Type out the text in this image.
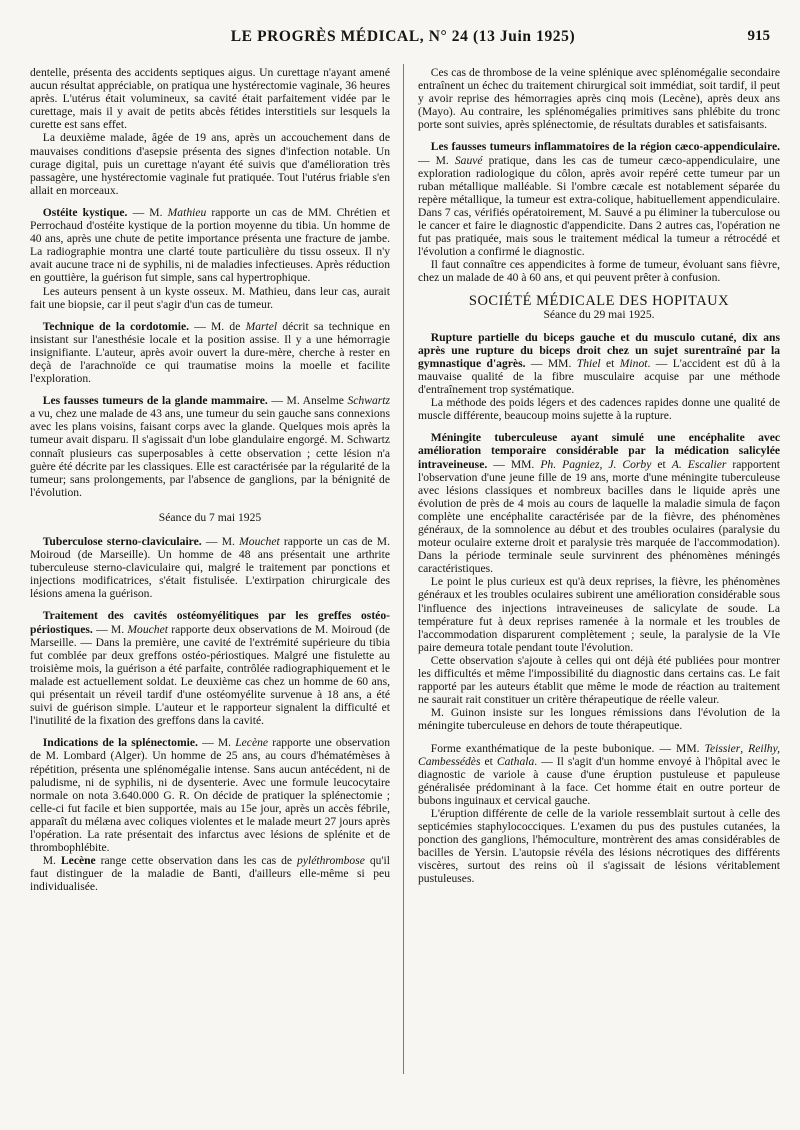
LE PROGRÈS MÉDICAL, N° 24 (13 Juin 1925)	915

dentelle, présenta des accidents septiques aigus. Un curettage n'ayant amené aucun résultat appréciable, on pratiqua une hystérectomie vaginale, 36 heures après. L'utérus était volumineux, sa cavité était parfaitement vidée par le curettage, mais il y avait de petits abcès fétides interstitiels sur lesquels la curette est sans effet.

La deuxième malade, âgée de 19 ans, après un accouchement dans de mauvaises conditions d'asepsie présenta des signes d'infection notable. Un curage digital, puis un curettage n'ayant été suivis que d'amélioration très passagère, une hystérectomie vaginale fut pratiquée. Tout l'utérus friable s'en allait en morceaux.

Ostéite kystique. — M. Mathieu rapporte un cas de MM. Chrétien et Perrochaud d'ostéite kystique de la portion moyenne du tibia. Un homme de 40 ans, après une chute de petite importance présenta une fracture de jambe. La radiographie montra une clarté toute particulière du tissu osseux. Il n'y avait aucune trace ni de syphilis, ni de maladies infectieuses. Après réduction en gouttière, la guérison fut simple, sans cal hypertrophique.

Les auteurs pensent à un kyste osseux. M. Mathieu, dans leur cas, aurait fait une biopsie, car il peut s'agir d'un cas de tumeur.

Technique de la cordotomie. — M. de Martel décrit sa technique en insistant sur l'anesthésie locale et la position assise. Il y a une hémorragie insignifiante. L'auteur, après avoir ouvert la dure-mère, cherche à rester en deçà de l'arachnoïde ce qui traumatise moins la moelle et facilite l'exploration.

Les fausses tumeurs de la glande mammaire. — M. Anselme Schwartz a vu, chez une malade de 43 ans, une tumeur du sein gauche sans connexions avec les plans voisins, faisant corps avec la glande. Quelques mois après la tumeur avait disparu. Il s'agissait d'un lobe glandulaire engorgé. M. Schwartz connaît plusieurs cas superposables à cette observation ; cette lésion n'a guère été décrite par les classiques. Elle est caractérisée par la régularité de la tumeur; sans prolongements, par l'absence de ganglions, par la bénignité de l'évolution.

Séance du 7 mai 1925

Tuberculose sterno-claviculaire. — M. Mouchet rapporte un cas de M. Moiroud (de Marseille). Un homme de 48 ans présentait une arthrite tuberculeuse sterno-claviculaire qui, malgré le traitement par ponctions et injections modificatrices, s'était fistulisée. L'extirpation chirurgicale des lésions amena la guérison.

Traitement des cavités ostéomyélitiques par les greffes ostéo-périostiques. — M. Mouchet rapporte deux observations de M. Moiroud (de Marseille. — Dans la première, une cavité de l'extrémité supérieure du tibia fut comblée par deux greffons ostéo-périostiques. Malgré une fistulette au troisième mois, la guérison a été parfaite, contrôlée radiographiquement et le malade est actuellement soldat. Le deuxième cas chez un homme de 60 ans, qui présentait un réveil tardif d'une ostéomyélite survenue à 18 ans, a été suivi de guérison simple. L'auteur et le rapporteur signalent la difficulté et l'inutilité de la fixation des greffons dans la cavité.

Indications de la splénectomie. — M. Lecène rapporte une observation de M. Lombard (Alger). Un homme de 25 ans, au cours d'hématémèses à répétition, présenta une splénomégalie intense. Sans aucun antécédent, ni de paludisme, ni de syphilis, ni de dysenterie. Avec une formule leucocytaire normale on nota 3.640.000 G. R. On décide de pratiquer la splénectomie ; celle-ci fut facile et bien supportée, mais au 15e jour, après un accès fébrile, apparaît du mélæna avec coliques violentes et le malade meurt 27 jours après l'opération. La rate présentait des infarctus avec lésions de splénite et de thrombophlébite.

M. Lecène range cette observation dans les cas de pyléthrombose qu'il faut distinguer de la maladie de Banti, d'ailleurs elle-même si peu individualisée.

Ces cas de thrombose de la veine splénique avec splénomégalie secondaire entraînent un échec du traitement chirurgical soit immédiat, soit tardif, il peut y avoir reprise des hémorragies après cinq mois (Lecène), après deux ans (Mayo). Au contraire, les splénomégalies primitives sans phlébite du tronc porte sont suivies, après splénectomie, de résultats durables et satisfaisants.

Les fausses tumeurs inflammatoires de la région cæco-appendiculaire. — M. Sauvé pratique, dans les cas de tumeur cæco-appendiculaire, une exploration radiologique du côlon, après avoir repéré cette tumeur par un ruban métallique malléable. Si l'ombre cæcale est notablement séparée du repère métallique, la tumeur est extra-colique, habituellement appendiculaire. Dans 7 cas, vérifiés opératoirement, M. Sauvé a pu éliminer la tuberculose ou le cancer et faire le diagnostic d'appendicite. Dans 2 autres cas, l'opération ne fut pas pratiquée, mais sous le traitement médical la tumeur a rétrocédé et l'évolution a confirmé le diagnostic.

Il faut connaître ces appendicites à forme de tumeur, évoluant sans fièvre, chez un malade de 40 à 60 ans, et qui peuvent prêter à confusion.

SOCIÉTÉ MÉDICALE DES HOPITAUX
Séance du 29 mai 1925.

Rupture partielle du biceps gauche et du musculo cutané, dix ans après une rupture du biceps droit chez un sujet surentraîné par la gymnastique d'agrès. — MM. Thiel et Minot. — L'accident est dû à la mauvaise qualité de la fibre musculaire acquise par une méthode d'entraînement trop systématique.

La méthode des poids légers et des cadences rapides donne une qualité de muscle différente, beaucoup moins sujette à la rupture.

Méningite tuberculeuse ayant simulé une encéphalite avec amélioration temporaire considérable par la médication salicylée intraveineuse. — MM. Ph. Pagniez, J. Corby et A. Escalier rapportent l'observation d'une jeune fille de 19 ans, morte d'une méningite tuberculeuse avec lésions classiques et nombreux bacilles dans le liquide après une évolution de près de 4 mois au cours de laquelle la maladie simula de façon complète une encéphalite caractérisée par de la fièvre, des phénomènes généraux, de la somnolence au début et des troubles oculaires (paralysie du moteur oculaire externe droit et paralysie très marquée de l'accommodation). Dans la période terminale seule survinrent des phénomènes méningés caractéristiques.

Le point le plus curieux est qu'à deux reprises, la fièvre, les phénomènes généraux et les troubles oculaires subirent une amélioration considérable sous l'influence des injections intraveineuses de salicylate de soude. La température fut à deux reprises ramenée à la normale et les troubles de l'accommodation disparurent complètement ; seule, la paralysie de la VIe paire demeura totale pendant toute l'évolution.

Cette observation s'ajoute à celles qui ont déjà été publiées pour montrer les difficultés et même l'impossibilité du diagnostic dans certains cas. Le fait rapporté par les auteurs établit que même le mode de réaction au traitement ne saurait rait constituer un critère thérapeutique de réelle valeur.

M. Guinon insiste sur les longues rémissions dans l'évolution de la méningite tuberculeuse en dehors de toute thérapeutique.

Forme exanthématique de la peste bubonique. — MM. Teissier, Reilhy, Cambessédès et Cathala. — Il s'agit d'un homme envoyé à l'hôpital avec le diagnostic de variole à cause d'une éruption pustuleuse et papuleuse généralisée prédominant à la face. Cet homme était en outre porteur de bubons inguinaux et cervical gauche.

L'éruption différente de celle de la variole ressemblait surtout à celle des septicémies staphylococciques. L'examen du pus des pustules cutanées, la ponction des ganglions, l'hémoculture, montrèrent des amas considérables de bacilles de Yersin. L'autopsie révéla des lésions nécrotiques des différents viscères, surtout des reins où il s'agissait de lésions véritablement pustuleuses.
